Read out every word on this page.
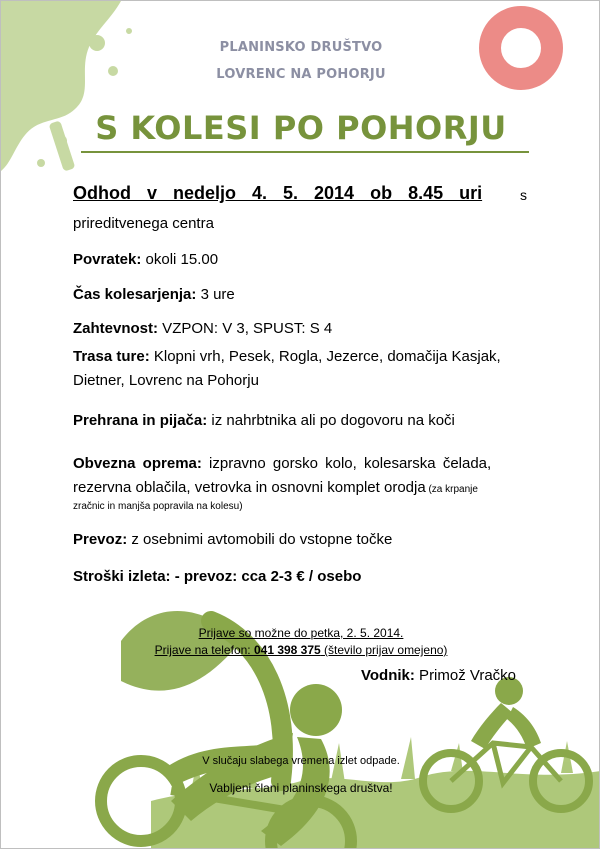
PLANINSKO DRUŠTVO
LOVRENC NA POHORJU
S KOLESI PO POHORJU
Odhod v nedeljo 4. 5. 2014 ob 8.45 uri	s
prireditvenega centra
Povratek: okoli 15.00
Čas kolesarjenja: 3 ure
Zahtevnost: VZPON: V 3, SPUST: S 4
Trasa ture: Klopni vrh, Pesek, Rogla, Jezerce, domačija Kasjak,
Dietner, Lovrenc na Pohorju
Prehrana in pijača: iz nahrbtnika ali po dogovoru na koči
Obvezna oprema: izpravno gorsko kolo, kolesarska čelada,
rezervna oblačila, vetrovka in osnovni komplet orodja (za krpanje
zračnic in manjša popravila na kolesu)
Prevoz: z osebnimi avtomobili do vstopne točke
Stroški izleta: - prevoz: cca 2-3 € / osebo
Prijave so možne do petka, 2. 5. 2014.
Prijave na telefon: 041 398 375 (število prijav omejeno)
Vodnik: Primož Vračko
V slučaju slabega vremena izlet odpade.
Vabljeni člani planinskega društva!
